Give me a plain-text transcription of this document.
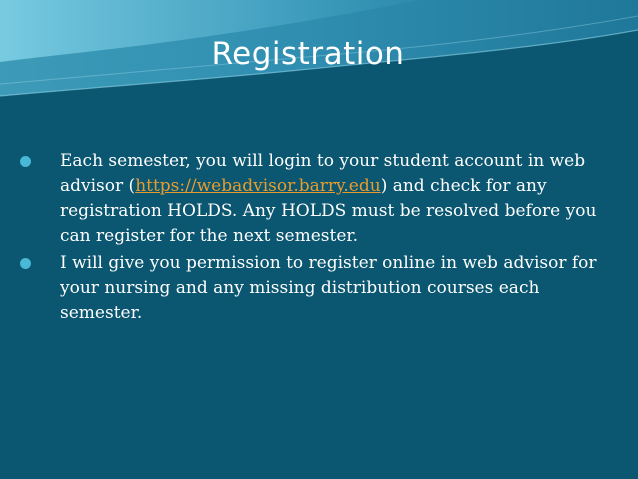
Registration
Each semester, you will login to your student account in web advisor (https://webadvisor.barry.edu) and check for any registration HOLDS. Any HOLDS must be resolved before you can register for the next semester.
I will give you permission to register online in web advisor for your nursing and any missing distribution courses each semester.
